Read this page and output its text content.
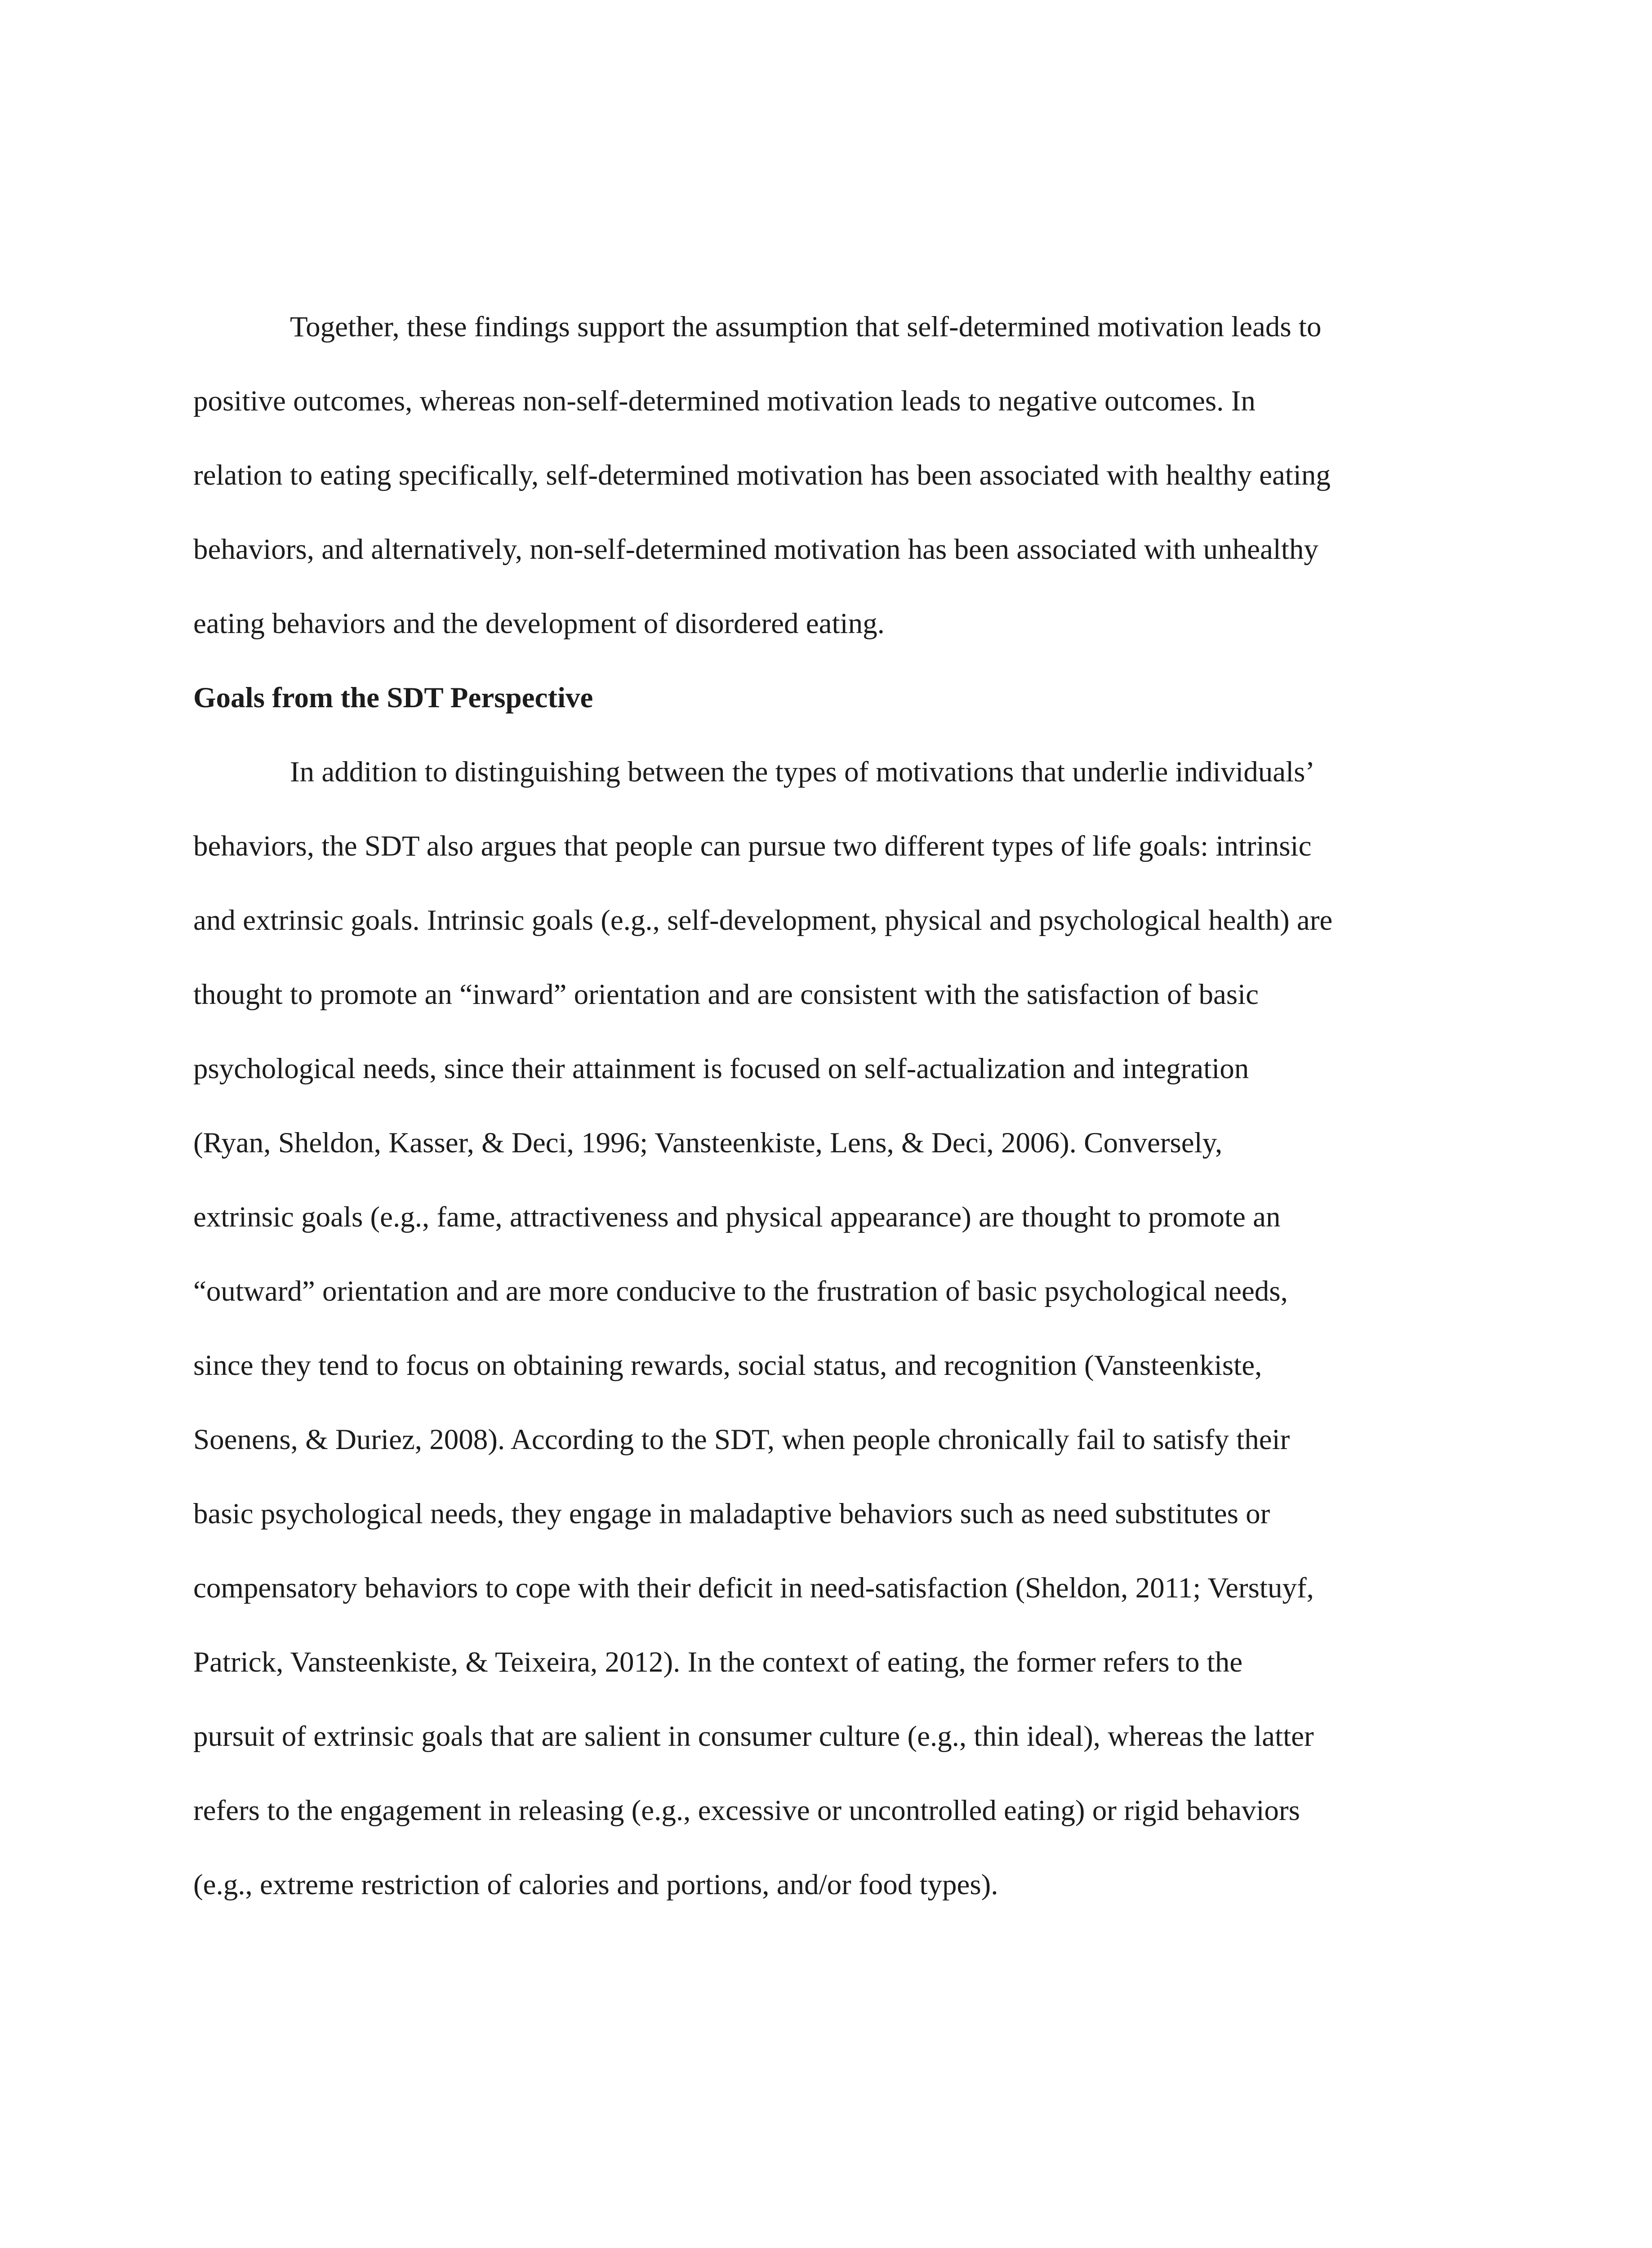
Together, these findings support the assumption that self-determined motivation leads to
positive outcomes, whereas non-self-determined motivation leads to negative outcomes. In
relation to eating specifically, self-determined motivation has been associated with healthy eating
behaviors, and alternatively, non-self-determined motivation has been associated with unhealthy
eating behaviors and the development of disordered eating.
Goals from the SDT Perspective
In addition to distinguishing between the types of motivations that underlie individuals’
behaviors, the SDT also argues that people can pursue two different types of life goals: intrinsic
and extrinsic goals. Intrinsic goals (e.g., self-development, physical and psychological health) are
thought to promote an “inward” orientation and are consistent with the satisfaction of basic
psychological needs, since their attainment is focused on self-actualization and integration
(Ryan, Sheldon, Kasser, & Deci, 1996; Vansteenkiste, Lens, & Deci, 2006). Conversely,
extrinsic goals (e.g., fame, attractiveness and physical appearance) are thought to promote an
“outward” orientation and are more conducive to the frustration of basic psychological needs,
since they tend to focus on obtaining rewards, social status, and recognition (Vansteenkiste,
Soenens, & Duriez, 2008). According to the SDT, when people chronically fail to satisfy their
basic psychological needs, they engage in maladaptive behaviors such as need substitutes or
compensatory behaviors to cope with their deficit in need-satisfaction (Sheldon, 2011; Verstuyf,
Patrick, Vansteenkiste, & Teixeira, 2012). In the context of eating, the former refers to the
pursuit of extrinsic goals that are salient in consumer culture (e.g., thin ideal), whereas the latter
refers to the engagement in releasing (e.g., excessive or uncontrolled eating) or rigid behaviors
(e.g., extreme restriction of calories and portions, and/or food types).
